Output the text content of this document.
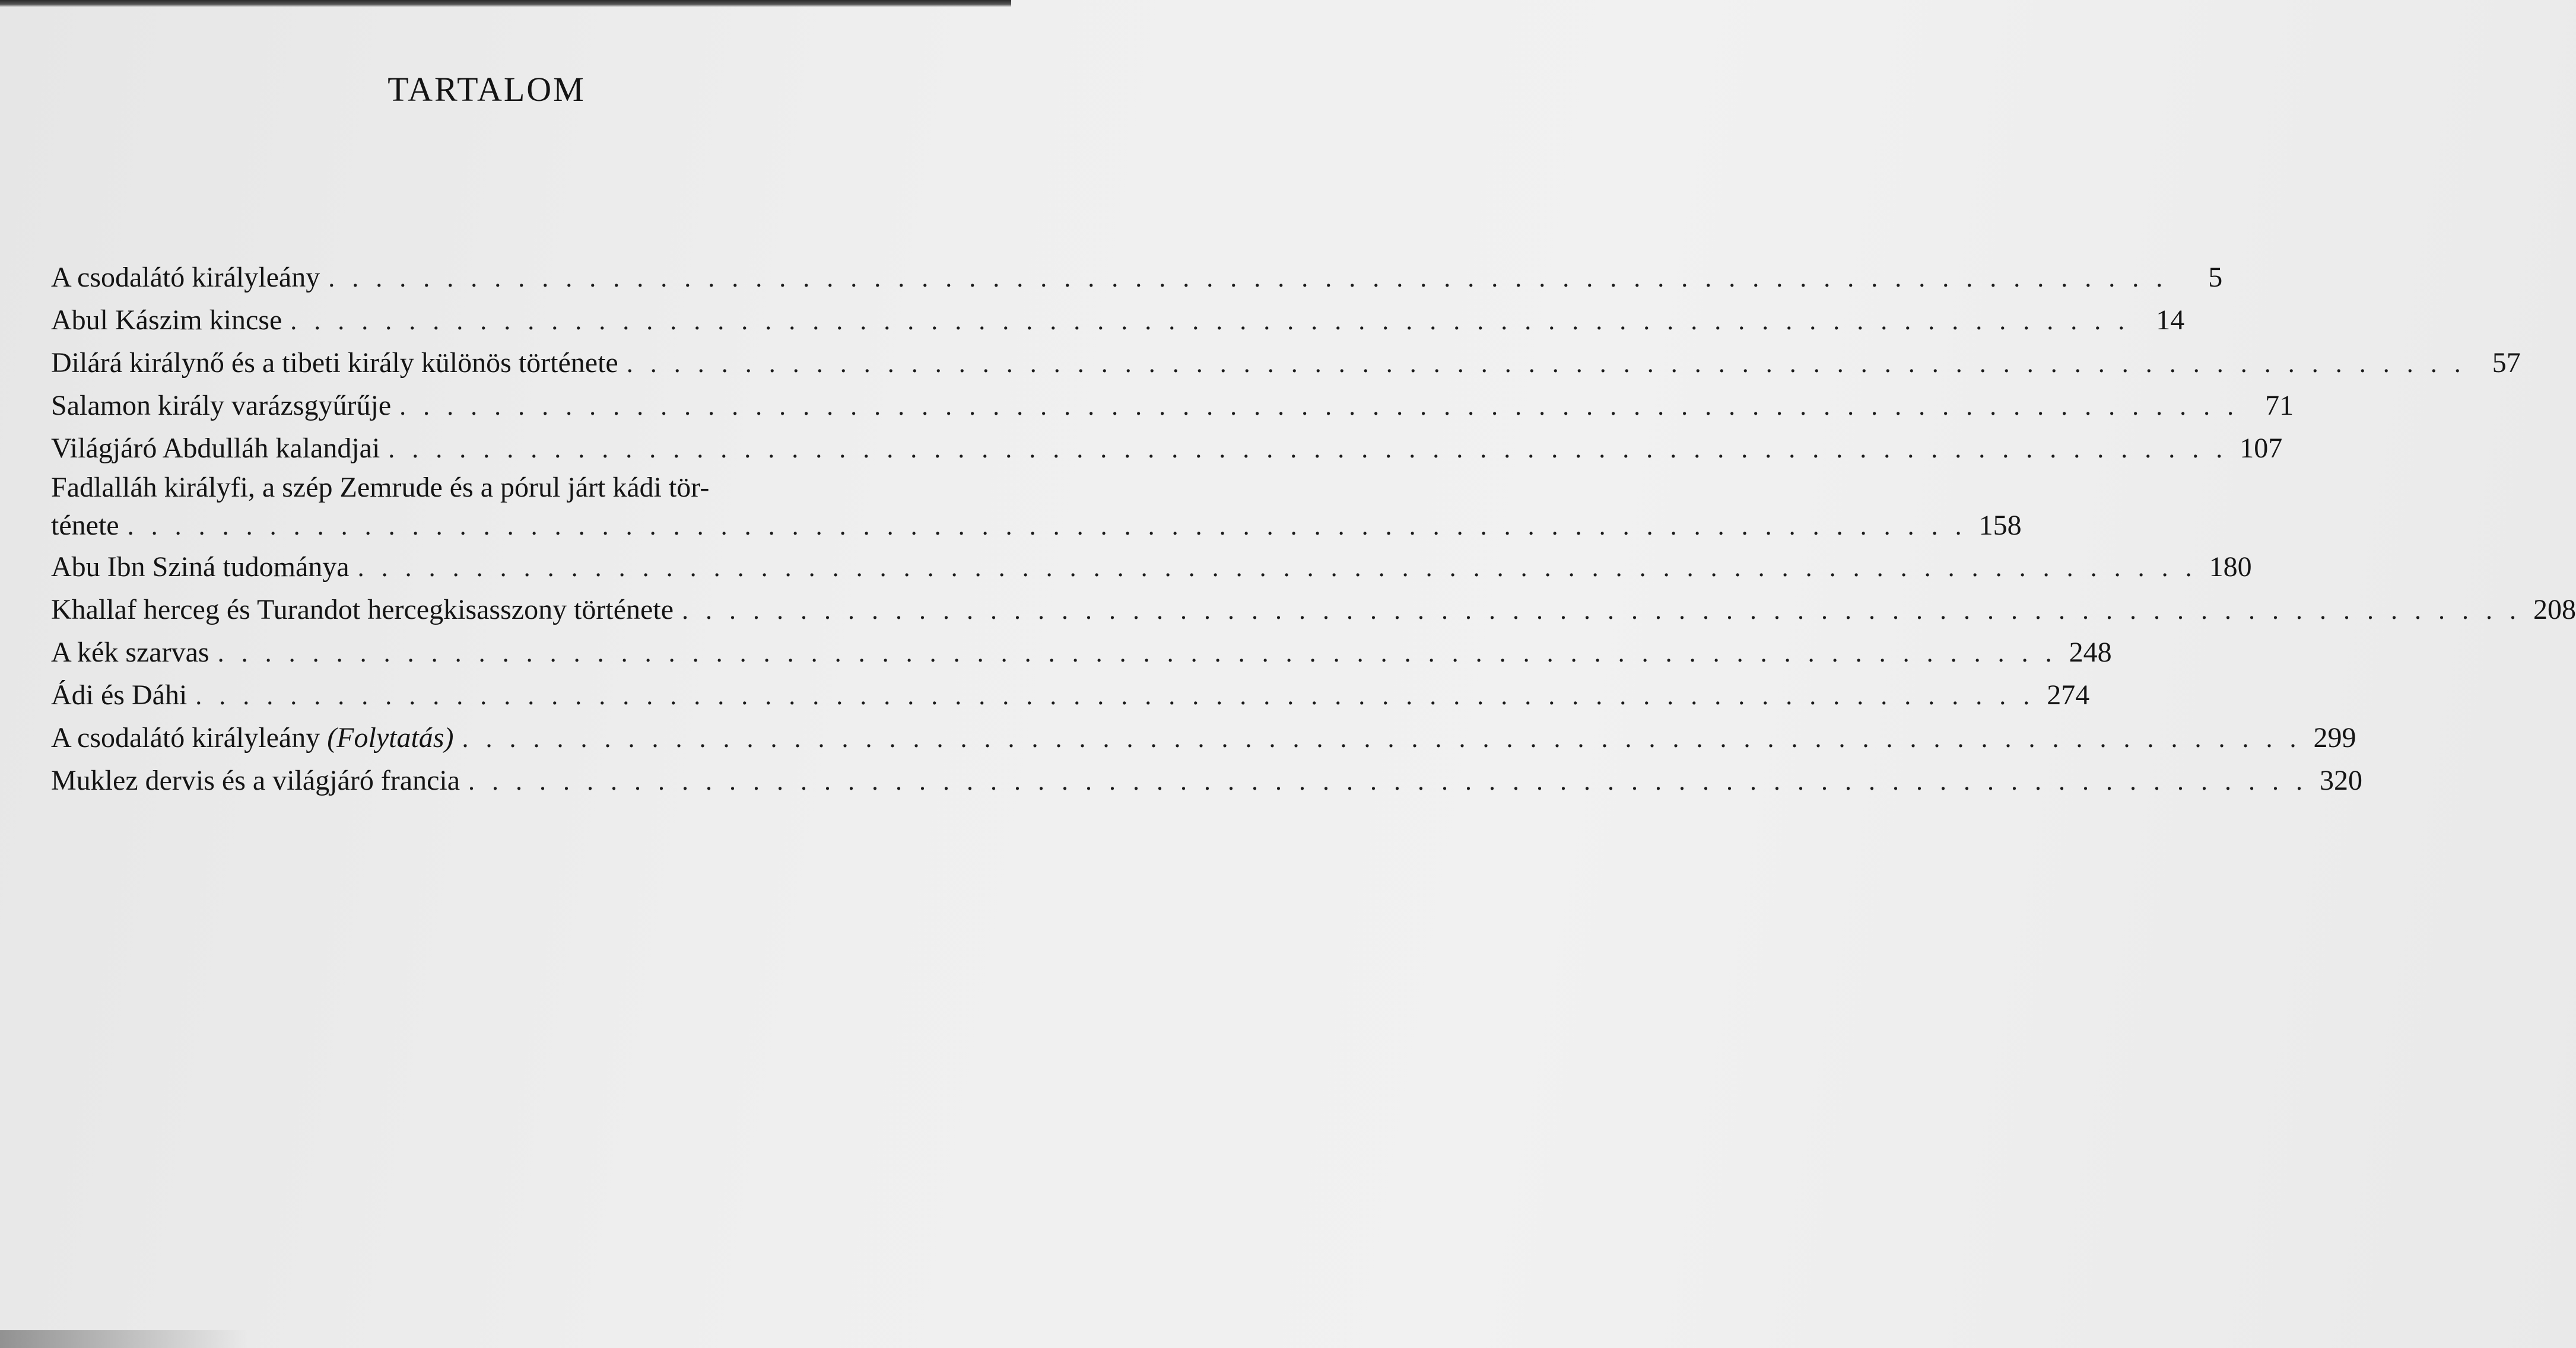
TARTALOM
A csodalátó királyleány . . . . . . . . . . . . . . . . . . . . . . . . . . . . . . . . . . . . . . . . . . . . . . . . . . . . . . . . . . . . . . . . . . . . . . . . . . . . . .	5
Abul Kászim kincse . . . . . . . . . . . . . . . . . . . . . . . . . . . . . . . . . . . . . . . . . . . . . . . . . . . . . . . . . . . . . . . . . . . . . . . . . . . . . . 14
Dilárá királynő és a tibeti király különös története . . . . . . . . . . . . . . . . . . . . . . . . . . . . . . . . . . . . . . . . . . . . . . . . . . . . . . . . . . . . . . . . . . . . . . . . . . . . . . 57
Salamon király varázsgyűrűje . . . . . . . . . . . . . . . . . . . . . . . . . . . . . . . . . . . . . . . . . . . . . . . . . . . . . . . . . . . . . . . . . . . . . . . . . . . . . . 71
Világjáró Abdulláh kalandjai . . . . . . . . . . . . . . . . . . . . . . . . . . . . . . . . . . . . . . . . . . . . . . . . . . . . . . . . . . . . . . . . . . . . . . . . . . . . . . 107
Fadlalláh királyfi, a szép Zemrude és a pórul járt kádi tör-
ténete . . . . . . . . . . . . . . . . . . . . . . . . . . . . . . . . . . . . . . . . . . . . . . . . . . . . . . . . . . . . . . . . . . . . . . . . . . . . . . 158
Abu Ibn Sziná tudománya . . . . . . . . . . . . . . . . . . . . . . . . . . . . . . . . . . . . . . . . . . . . . . . . . . . . . . . . . . . . . . . . . . . . . . . . . . . . . . 180
Khallaf herceg és Turandot hercegkisasszony története . . . . . . . . . . . . . . . . . . . . . . . . . . . . . . . . . . . . . . . . . . . . . . . . . . . . . . . . . . . . . . . . . . . . . . . . . . . . . . 208
A kék szarvas . . . . . . . . . . . . . . . . . . . . . . . . . . . . . . . . . . . . . . . . . . . . . . . . . . . . . . . . . . . . . . . . . . . . . . . . . . . . . . 248
Ádi és Dáhi . . . . . . . . . . . . . . . . . . . . . . . . . . . . . . . . . . . . . . . . . . . . . . . . . . . . . . . . . . . . . . . . . . . . . . . . . . . . . . 274
A csodalátó királyleány (Folytatás) . . . . . . . . . . . . . . . . . . . . . . . . . . . . . . . . . . . . . . . . . . . . . . . . . . . . . . . . . . . . . . . . . . . . . . . . . . . . . . 299
Muklez dervis és a világjáró francia . . . . . . . . . . . . . . . . . . . . . . . . . . . . . . . . . . . . . . . . . . . . . . . . . . . . . . . . . . . . . . . . . . . . . . . . . . . . . . 320
